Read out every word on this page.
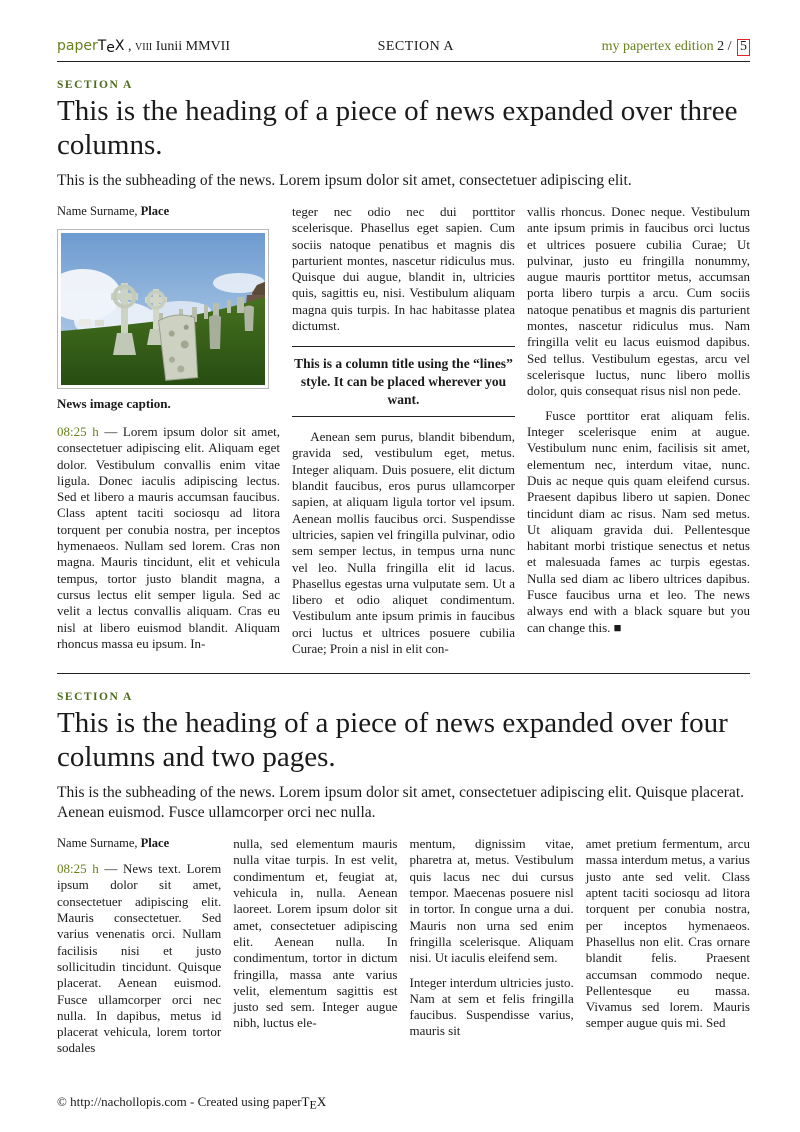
paperTeX , viii Iunii MMVII	SECTION A	my papertex edition 2 / 5
SECTION A
This is the heading of a piece of news expanded over three columns.
This is the subheading of the news. Lorem ipsum dolor sit amet, consectetuer adipiscing elit.
Name Surname, Place
News image caption.

08:25 h — Lorem ipsum dolor sit amet, consectetuer adipiscing elit. Aliquam eget dolor. Vestibulum convallis enim vitae ligula. Donec iaculis adipiscing lectus. Sed et libero a mauris accumsan faucibus. Class aptent taciti sociosqu ad litora torquent per conubia nostra, per inceptos hymenaeos. Nullam sed lorem. Cras non magna. Mauris tincidunt, elit et vehicula tempus, tortor justo blandit magna, a cursus lectus elit semper ligula. Sed ac velit a lectus convallis aliquam. Cras eu nisl at libero euismod blandit. Aliquam rhoncus massa eu ipsum. In-

teger nec odio nec dui porttitor scelerisque. Phasellus eget sapien. Cum sociis natoque penatibus et magnis dis parturient montes, nascetur ridiculus mus. Quisque dui augue, blandit in, ultricies quis, sagittis eu, nisi. Vestibulum aliquam magna quis turpis. In hac habitasse platea dictumst.

This is a column title using the “lines” style. It can be placed wherever you want.

Aenean sem purus, blandit bibendum, gravida sed, vestibulum eget, metus. Integer aliquam. Duis posuere, elit dictum blandit faucibus, eros purus ullamcorper sapien, at aliquam ligula tortor vel ipsum. Aenean mollis faucibus orci. Suspendisse ultricies, sapien vel fringilla pulvinar, odio sem semper lectus, in tempus urna nunc vel leo. Nulla fringilla elit id lacus. Phasellus egestas urna vulputate sem. Ut a libero et odio aliquet condimentum. Vestibulum ante ipsum primis in faucibus orci luctus et ultrices posuere cubilia Curae; Proin a nisl in elit con-

vallis rhoncus. Donec neque. Vestibulum ante ipsum primis in faucibus orci luctus et ultrices posuere cubilia Curae; Ut pulvinar, justo eu fringilla nonummy, augue mauris porttitor metus, accumsan porta libero turpis a arcu. Cum sociis natoque penatibus et magnis dis parturient montes, nascetur ridiculus mus. Nam fringilla velit eu lacus euismod dapibus. Sed tellus. Vestibulum egestas, arcu vel scelerisque luctus, nunc libero mollis dolor, quis consequat risus nisl non pede.

Fusce porttitor erat aliquam felis. Integer scelerisque enim at augue. Vestibulum nunc enim, facilisis sit amet, elementum nec, interdum vitae, nunc. Duis ac neque quis quam eleifend cursus. Praesent dapibus libero ut sapien. Donec tincidunt diam ac risus. Nam sed metus. Ut aliquam gravida dui. Pellentesque habitant morbi tristique senectus et netus et malesuada fames ac turpis egestas. Nulla sed diam ac libero ultrices dapibus. Fusce faucibus urna et leo. The news always end with a black square but you can change this. ■

SECTION A
This is the heading of a piece of news expanded over four columns and two pages.
This is the subheading of the news. Lorem ipsum dolor sit amet, consectetuer adipiscing elit. Quisque placerat. Aenean euismod. Fusce ullamcorper orci nec nulla.
Name Surname, Place

08:25 h — News text. Lorem ipsum dolor sit amet, consectetuer adipiscing elit. Mauris consectetuer. Sed varius venenatis orci. Nullam facilisis nisi et justo sollicitudin tincidunt. Quisque placerat. Aenean euismod. Fusce ullamcorper orci nec nulla. In dapibus, metus id placerat vehicula, lorem tortor sodales

nulla, sed elementum mauris nulla vitae turpis. In est velit, condimentum et, feugiat at, vehicula in, nulla. Aenean laoreet. Lorem ipsum dolor sit amet, consectetuer adipiscing elit. Aenean nulla. In condimentum, tortor in dictum fringilla, massa ante varius velit, elementum sagittis est justo sed sem. Integer augue nibh, luctus ele-

mentum, dignissim vitae, pharetra at, metus. Vestibulum quis lacus nec dui cursus tempor. Maecenas posuere nisl in tortor. In congue urna a dui. Mauris non urna sed enim fringilla scelerisque. Aliquam nisi. Ut iaculis eleifend sem.

Integer interdum ultricies justo. Nam at sem et felis fringilla faucibus. Suspendisse varius, mauris sit

amet pretium fermentum, arcu massa interdum metus, a varius justo ante sed velit. Class aptent taciti sociosqu ad litora torquent per conubia nostra, per inceptos hymenaeos. Phasellus non elit. Cras ornare blandit felis. Praesent accumsan commodo neque. Pellentesque eu massa. Vivamus sed lorem. Mauris semper augue quis mi. Sed

© http://nachollopis.com - Created using paperTEX
